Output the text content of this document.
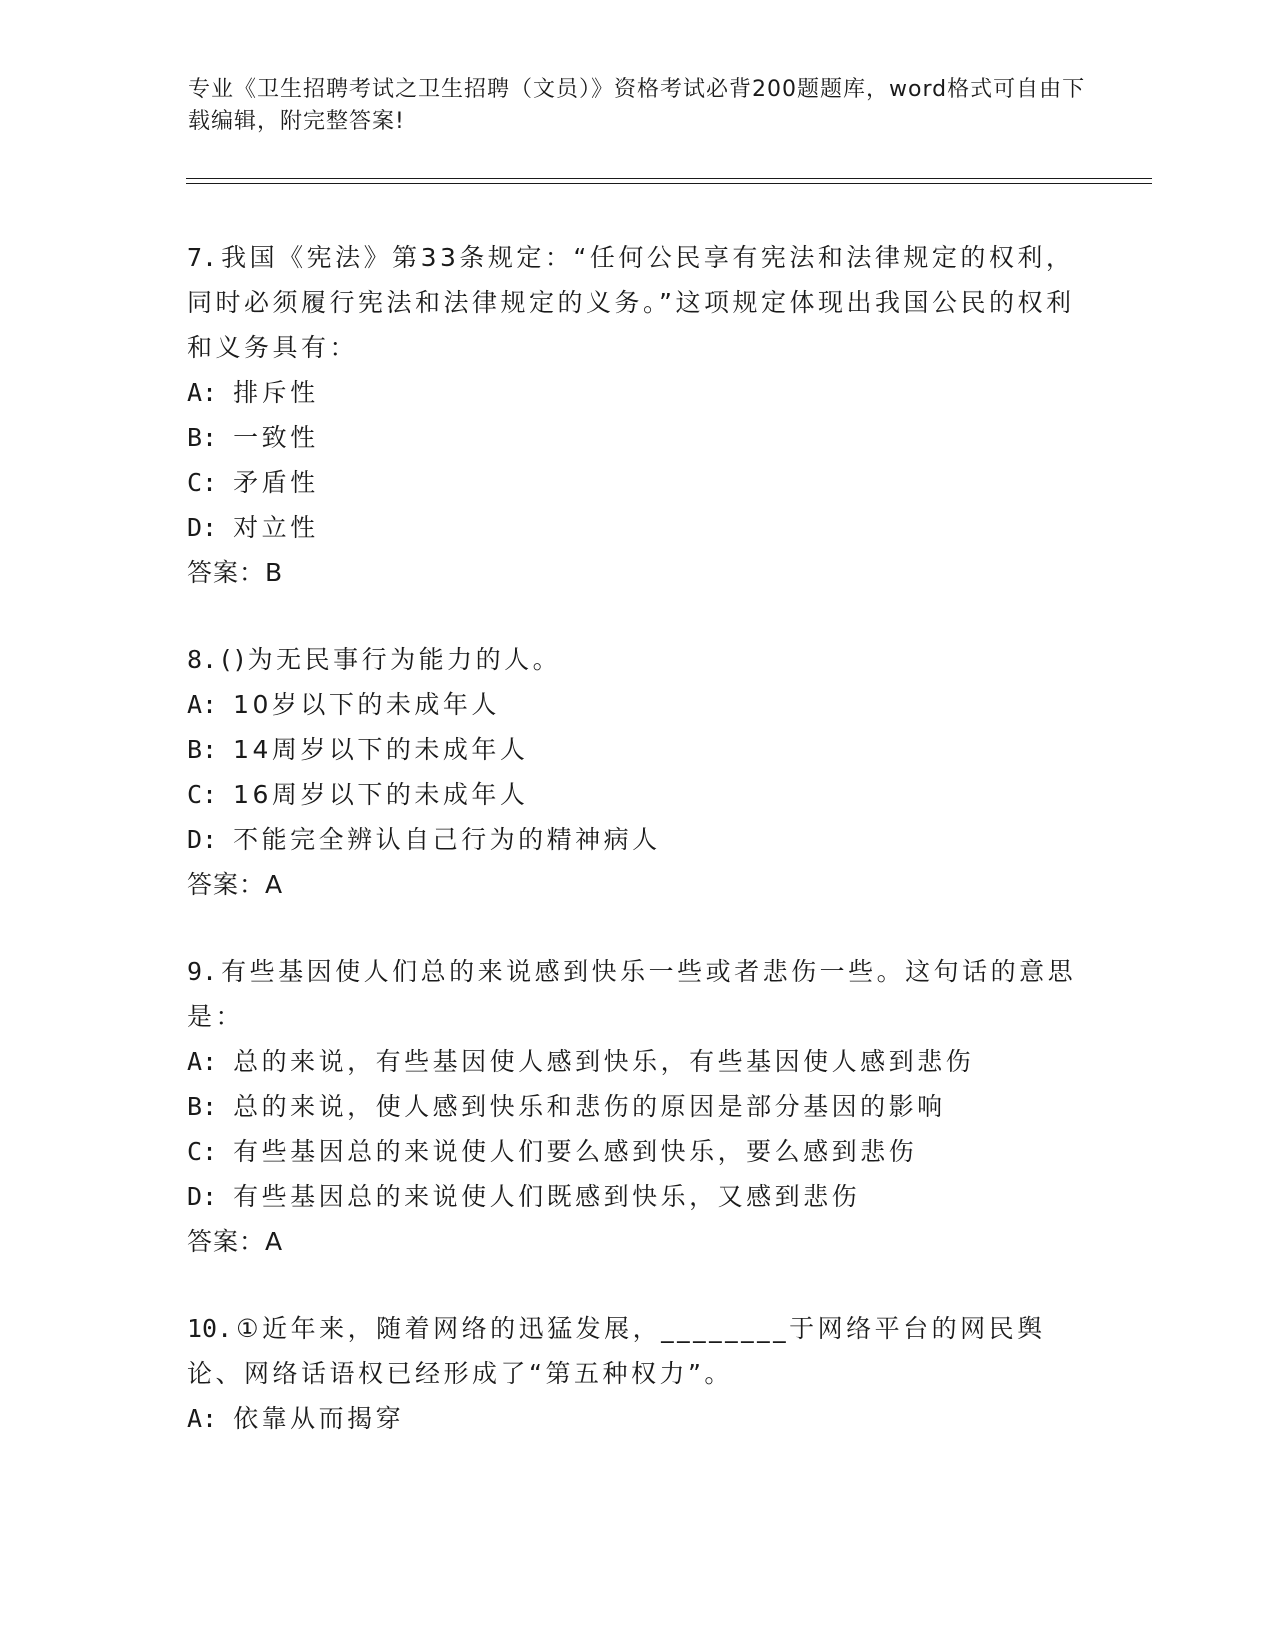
专业《卫生招聘考试之卫生招聘（文员）》资格考试必背200题题库，word格式可自由下载编辑，附完整答案!
7. 我国《宪法》第33条规定：“任何公民享有宪法和法律规定的权利，同时必须履行宪法和法律规定的义务。”这项规定体现出我国公民的权利和义务具有：
A: 排斥性
B: 一致性
C: 矛盾性
D: 对立性
答案：B
8. ()为无民事行为能力的人。
A: 10岁以下的未成年人
B: 14周岁以下的未成年人
C: 16周岁以下的未成年人
D: 不能完全辨认自己行为的精神病人
答案：A
9. 有些基因使人们总的来说感到快乐一些或者悲伤一些。这句话的意思是：
A: 总的来说，有些基因使人感到快乐，有些基因使人感到悲伤
B: 总的来说，使人感到快乐和悲伤的原因是部分基因的影响
C: 有些基因总的来说使人们要么感到快乐，要么感到悲伤
D: 有些基因总的来说使人们既感到快乐，又感到悲伤
答案：A
10. ①近年来，随着网络的迅猛发展，________于网络平台的网民舆论、网络话语权已经形成了“第五种权力”。
A: 依靠从而揭穿
